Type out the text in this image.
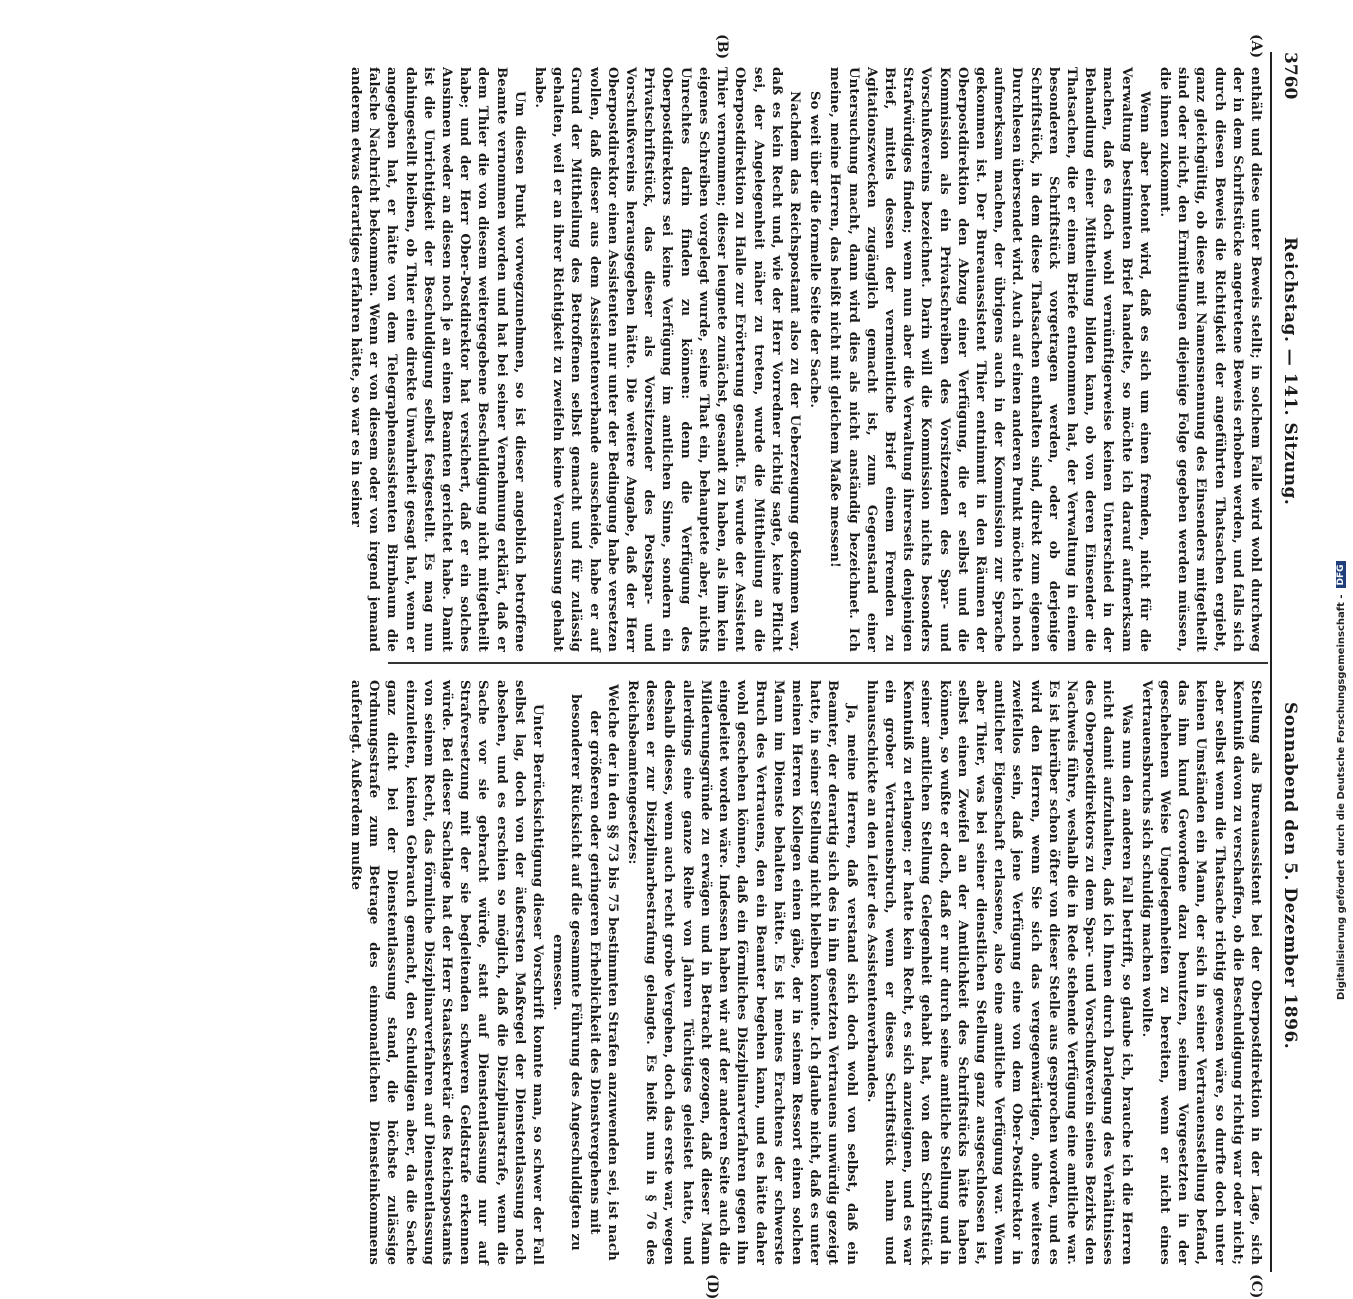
3760
Reichstag. — 141. Sitzung.
Sonnabend den 5. Dezember 1896.
(A)
(B)
(C)
(D)

enthält und diese unter Beweis stellt; in solchem Falle wird wohl durchweg der in dem Schriftstücke angetretene Beweis erhoben werden, und falls sich durch diesen Beweis die Richtigkeit der angeführten Thatsachen ergiebt, ganz gleichgültig, ob diese mit Namensnennung des Einsenders mitgetheilt sind oder nicht, den Ermittlungen diejenige Folge gegeben werden müssen, die ihnen zukommt.

Wenn aber betont wird, daß es sich um einen fremden, nicht für die Verwaltung bestimmten Brief handelte, so möchte ich darauf aufmerksam machen, daß es doch wohl vernünftigerweise keinen Unterschied in der Behandlung einer Mittheilung bilden kann, ob von deren Einsender die Thatsachen, die er einem Briefe entnommen hat, der Verwaltung in einem besonderen Schriftstück vorgetragen werden, oder ob derjenige Schriftstück, in dem diese Thatsachen enthalten sind, direkt zum eigenen Durchlesen übersendet wird. Auch auf einen anderen Punkt möchte ich noch aufmerksam machen, der übrigens auch in der Kommission zur Sprache gekommen ist. Der Bureauassistent Thier entnimmt in den Räumen der Oberpostdirektion den Abzug einer Verfügung, die er selbst und die Kommission als ein Privatschreiben des Vorsitzenden des Spar- und Vorschußvereins bezeichnet. Darin will die Kommission nichts besonders Strafwürdiges finden; wenn nun aber die Verwaltung ihrerseits denjenigen Brief, mittels dessen der vermeintliche Brief einem Fremden zu Agitationszwecken zugänglich gemacht ist, zum Gegenstand einer Untersuchung macht, dann wird dies als nicht anständig bezeichnet. Ich meine, meine Herren, das heißt nicht mit gleichem Maße messen!

So weit über die formelle Seite der Sache.

Nachdem das Reichspostamt also zu der Ueberzeugung gekommen war, daß es kein Recht und, wie der Herr Vorredner richtig sagte, keine Pflicht sei, der Angelegenheit näher zu treten, wurde die Mittheilung an die Oberpostdirektion zu Halle zur Erörterung gesandt. Es wurde der Assistent Thier vernommen; dieser leugnete zunächst, gesandt zu haben, als ihm kein eigenes Schreiben vorgelegt wurde, seine That ein, behauptete aber, nichts Unrechtes darin finden zu können: denn die Verfügung des Oberpostdirektors sei keine Verfügung im amtlichen Sinne, sondern ein Privatschriftstück, das dieser als Vorsitzender des Postspar- und Vorschußvereins herausgegeben hätte. Die weitere Angabe, daß der Herr Oberpostdirektor einen Assistenten nur unter der Bedingung habe versetzen wollen, daß dieser aus dem Assistentenverbande ausscheide, habe er auf Grund der Mittheilung des Betroffenen selbst gemacht und für zulässig gehalten, weil er an ihrer Richtigkeit zu zweifeln keine Veranlassung gehabt habe.

Um diesen Punkt vorwegzunehmen, so ist dieser angeblich betroffene Beamte vernommen worden und hat bei seiner Vernehmung erklärt, daß er dem Thier die von diesem weitergegebene Beschuldigung nicht mitgetheilt habe; und der Herr Ober-Postdirektor hat versichert, daß er ein solches Ansinnen weder an diesen noch je an einen Beamten gerichtet habe. Damit ist die Unrichtigkeit der Beschuldigung selbst festgestellt. Es mag nun dahingestellt bleiben, ob Thier eine direkte Unwahrheit gesagt hat, wenn er angegeben hat, er hätte von dem Telegraphenassistenten Birnbaum die falsche Nachricht bekommen. Wenn er von diesem oder von irgend jemand anderem etwas derartiges erfahren hätte, so war es in seiner

Stellung als Bureauassistent bei der Oberpostdirektion in der Lage, sich Kenntniß davon zu verschaffen, ob die Beschuldigung richtig war oder nicht; aber selbst wenn die Thatsache richtig gewesen wäre, so durfte doch unter keinen Umständen ein Mann, der sich in seiner Vertrauensstellung befand, das ihm kund Gewordene dazu benutzen, seinem Vorgesetzten in der geschehenen Weise Ungelegenheiten zu bereiten, wenn er nicht eines Vertrauensbruchs sich schuldig machen wollte.

Was nun den anderen Fall betrifft, so glaube ich, brauche ich die Herren nicht damit aufzuhalten, daß ich Ihnen durch Darlegung des Verhältnisses des Oberpostdirektors zu dem Spar- und Vorschußverein seines Bezirks den Nachweis führe, weshalb die in Rede stehende Verfügung eine amtliche war. Es ist hierüber schon öfter von dieser Stelle aus gesprochen worden, und es wird den Herren, wenn Sie sich das vergegenwärtigen, ohne weiteres zweifellos sein, daß jene Verfügung eine von dem Ober-Postdirektor in amtlicher Eigenschaft erlassene, also eine amtliche Verfügung war. Wenn aber Thier, was bei seiner dienstlichen Stellung ganz ausgeschlossen ist, selbst einen Zweifel an der Amtlichkeit des Schriftstücks hätte haben können, so wußte er doch, daß er nur durch seine amtliche Stellung und in seiner amtlichen Stellung Gelegenheit gehabt hat, von dem Schriftstück Kenntniß zu erlangen; er hatte kein Recht, es sich anzueignen, und es war ein grober Vertrauensbruch, wenn er dieses Schriftstück nahm und hinausschickte an den Leiter des Assistentenverbandes.

Ja, meine Herren, daß verstand sich doch wohl von selbst, daß ein Beamter, der derartig sich des in ihn gesetzten Vertrauens unwürdig gezeigt hatte, in seiner Stellung nicht bleiben konnte. Ich glaube nicht, daß es unter meinen Herren Kollegen einen gäbe, der in seinem Ressort einen solchen Mann im Dienste behalten hätte. Es ist meines Erachtens der schwerste Bruch des Vertrauens, den ein Beamter begehen kann, und es hätte daher wohl geschehen können, daß ein förmliches Disziplinarverfahren gegen ihn eingeleitet worden wäre. Indessen haben wir auf der anderen Seite auch die Milderungsgründe zu erwägen und in Betracht gezogen, daß dieser Mann allerdings eine ganze Reihe von Jahren Tüchtiges geleistet hatte, und deshalb dieses, wenn auch recht grobe Vergehen, doch das erste war, wegen dessen er zur Disziplinarbestrafung gelangte. Es heißt nun in § 76 des Reichsbeamtengesetzes:

Welche der in den §§ 73 bis 75 bestimmten Strafen anzuwenden sei, ist nach der größeren oder geringeren Erheblichkeit des Dienstvergehens mit besonderer Rücksicht auf die gesammte Führung des Angeschuldigten zu ermessen.

Unter Berücksichtigung dieser Vorschrift konnte man, so schwer der Fall selbst lag, doch von der äußersten Maßregel der Dienstentlassung noch absehen, und es erschien so möglich, daß die Disziplinarstrafe, wenn die Sache vor sie gebracht würde, statt auf Dienstentlassung nur auf Strafversetzung mit der sie begleitenden schweren Geldstrafe erkennen würde. Bei dieser Sachlage hat der Herr Staatssekretär des Reichspostamts von seinem Recht, das förmliche Disziplinarverfahren auf Dienstentlassung einzuleiten, keinen Gebrauch gemacht, den Schuldigen aber, da die Sache ganz dicht bei der Dienstentlassung stand, die höchste zulässige Ordnungsstrafe zum Betrage des einmonatlichen Diensteinkommens auferlegt. Außerdem mußte	Digitalisierung gefördert durch die Deutsche Forschungsgemeinschaft -DFG
